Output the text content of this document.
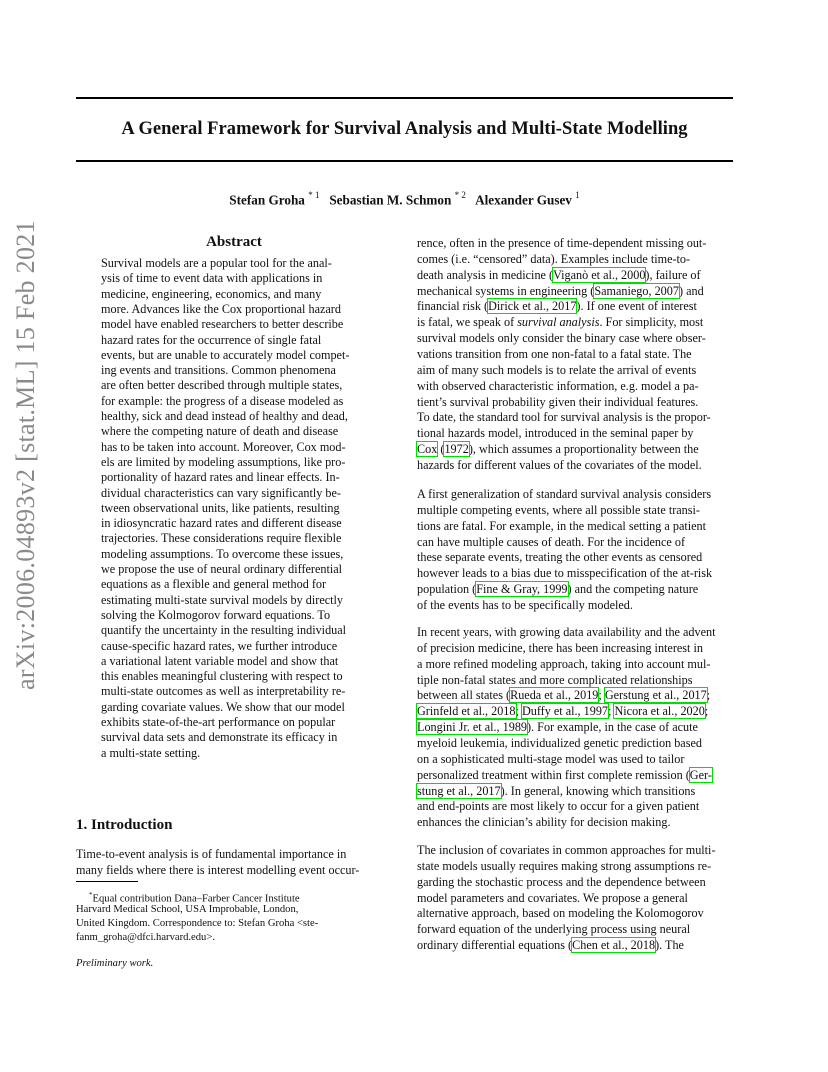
A General Framework for Survival Analysis and Multi-State Modelling
Stefan Groha $^{* 1}$ Sebastian M. Schmon $^{* 2}$ Alexander Gusev $^1$
arXiv:2006.04893v2 [stat.ML] 15 Feb 2021	Abstract
Survival models are a popular tool for the anal-
ysis of time to event data with applications in
medicine, engineering, economics, and many
more. Advances like the Cox proportional hazard
model have enabled researchers to better describe
hazard rates for the occurrence of single fatal
events, but are unable to accurately model compet-
ing events and transitions. Common phenomena
are often better described through multiple states,
for example: the progress of a disease modeled as
healthy, sick and dead instead of healthy and dead,
where the competing nature of death and disease
has to be taken into account. Moreover, Cox mod-
els are limited by modeling assumptions, like pro-
portionality of hazard rates and linear effects. In-
dividual characteristics can vary significantly be-
tween observational units, like patients, resulting
in idiosyncratic hazard rates and different disease
trajectories. These considerations require flexible
modeling assumptions. To overcome these issues,
we propose the use of neural ordinary differential
equations as a flexible and general method for
estimating multi-state survival models by directly
solving the Kolmogorov forward equations. To
quantify the uncertainty in the resulting individual
cause-specific hazard rates, we further introduce
a variational latent variable model and show that
this enables meaningful clustering with respect to
multi-state outcomes as well as interpretability re-
garding covariate values. We show that our model
exhibits state-of-the-art performance on popular
survival data sets and demonstrate its efficacy in
a multi-state setting.
1. Introduction
Time-to-event analysis is of fundamental importance in
many fields where there is interest modelling event occur-
*Equal contribution Dana–Farber Cancer Institute
Harvard Medical School, USA Improbable, London,
United Kingdom. Correspondence to: Stefan Groha <ste-
fanm_groha@dfci.harvard.edu>.
Preliminary work.
rence, often in the presence of time-dependent missing out-
comes (i.e. “censored” data). Examples include time-to-
death analysis in medicine (Viganò et al., 2000), failure of
mechanical systems in engineering (Samaniego, 2007) and
financial risk (Dirick et al., 2017). If one event of interest
is fatal, we speak of survival analysis. For simplicity, most
survival models only consider the binary case where obser-
vations transition from one non-fatal to a fatal state. The
aim of many such models is to relate the arrival of events
with observed characteristic information, e.g. model a pa-
tient’s survival probability given their individual features.
To date, the standard tool for survival analysis is the propor-
tional hazards model, introduced in the seminal paper by
Cox (1972), which assumes a proportionality between the
hazards for different values of the covariates of the model.
A first generalization of standard survival analysis considers
multiple competing events, where all possible state transi-
tions are fatal. For example, in the medical setting a patient
can have multiple causes of death. For the incidence of
these separate events, treating the other events as censored
however leads to a bias due to misspecification of the at-risk
population (Fine & Gray, 1999) and the competing nature
of the events has to be specifically modeled.
In recent years, with growing data availability and the advent
of precision medicine, there has been increasing interest in
a more refined modeling approach, taking into account mul-
tiple non-fatal states and more complicated relationships
between all states (Rueda et al., 2019; Gerstung et al., 2017;
Grinfeld et al., 2018; Duffy et al., 1997; Nicora et al., 2020;
Longini Jr. et al., 1989). For example, in the case of acute
myeloid leukemia, individualized genetic prediction based
on a sophisticated multi-stage model was used to tailor
personalized treatment within first complete remission (Ger-
stung et al., 2017). In general, knowing which transitions
and end-points are most likely to occur for a given patient
enhances the clinician’s ability for decision making.
The inclusion of covariates in common approaches for multi-
state models usually requires making strong assumptions re-
garding the stochastic process and the dependence between
model parameters and covariates. We propose a general
alternative approach, based on modeling the Kolomogorov
forward equation of the underlying process using neural
ordinary differential equations (Chen et al., 2018). The
